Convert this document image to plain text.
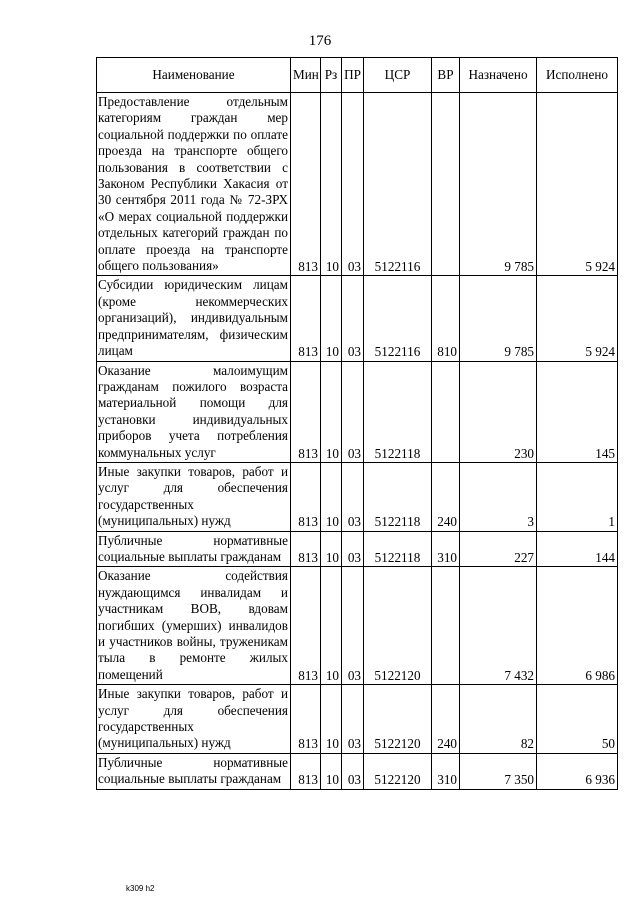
176
Наименование	Мин	Рз	ПР	ЦСР	ВР	Назначено	Исполнено
Предоставление отдельным категориям граждан мер социальной поддержки по оплате проезда на транспорте общего пользования в соответствии с Законом Республики Хакасия от 30 сентября 2011 года № 72-ЗРХ «О мерах социальной поддержки отдельных категорий граждан по оплате проезда на транспорте общего пользования»	813	10	03	5122116		9 785	5 924
Субсидии юридическим лицам (кроме некоммерческих организаций), индивидуальным предпринимателям, физическим лицам	813	10	03	5122116	810	9 785	5 924
Оказание малоимущим гражданам пожилого возраста материальной помощи для установки индивидуальных приборов учета потребления коммунальных услуг	813	10	03	5122118		230	145
Иные закупки товаров, работ и услуг для обеспечения государственных (муниципальных) нужд	813	10	03	5122118	240	3	1
Публичные нормативные социальные выплаты гражданам	813	10	03	5122118	310	227	144
Оказание содействия нуждающимся инвалидам и участникам ВОВ, вдовам погибших (умерших) инвалидов и участников войны, труженикам тыла в ремонте жилых помещений	813	10	03	5122120		7 432	6 986
Иные закупки товаров, работ и услуг для обеспечения государственных (муниципальных) нужд	813	10	03	5122120	240	82	50
Публичные нормативные социальные выплаты гражданам	813	10	03	5122120	310	7 350	6 936
k309 h2
